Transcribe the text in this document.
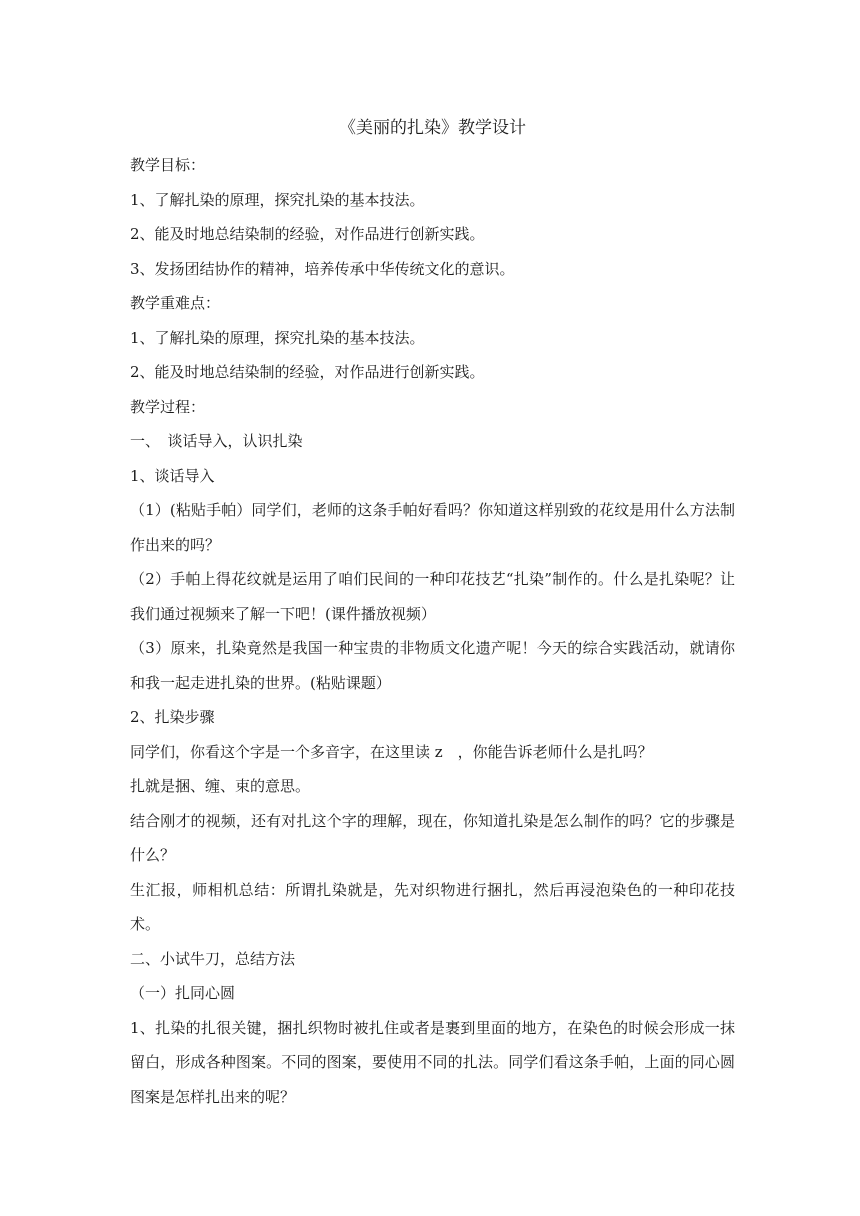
《美丽的扎染》教学设计

教学目标：

1、了解扎染的原理，探究扎染的基本技法。

2、能及时地总结染制的经验，对作品进行创新实践。

3、发扬团结协作的精神，培养传承中华传统文化的意识。

教学重难点：

1、了解扎染的原理，探究扎染的基本技法。

2、能及时地总结染制的经验，对作品进行创新实践。

教学过程：

一、　谈话导入，认识扎染

1、谈话导入

（1）(粘贴手帕）同学们，老师的这条手帕好看吗？你知道这样别致的花纹是用什么方法制作出来的吗？

（2）手帕上得花纹就是运用了咱们民间的一种印花技艺“扎染”制作的。什么是扎染呢？让我们通过视频来了解一下吧！(课件播放视频）

（3）原来，扎染竟然是我国一种宝贵的非物质文化遗产呢！今天的综合实践活动，就请你和我一起走进扎染的世界。(粘贴课题）

2、扎染步骤

同学们，你看这个字是一个多音字，在这里读 z　，你能告诉老师什么是扎吗？

扎就是捆、缠、束的意思。

结合刚才的视频，还有对扎这个字的理解，现在，你知道扎染是怎么制作的吗？它的步骤是什么？

生汇报，师相机总结：所谓扎染就是，先对织物进行捆扎，然后再浸泡染色的一种印花技术。

二、小试牛刀，总结方法

（一）扎同心圆

1、扎染的扎很关键，捆扎织物时被扎住或者是裹到里面的地方，在染色的时候会形成一抹留白，形成各种图案。不同的图案，要使用不同的扎法。同学们看这条手帕，上面的同心圆图案是怎样扎出来的呢？
